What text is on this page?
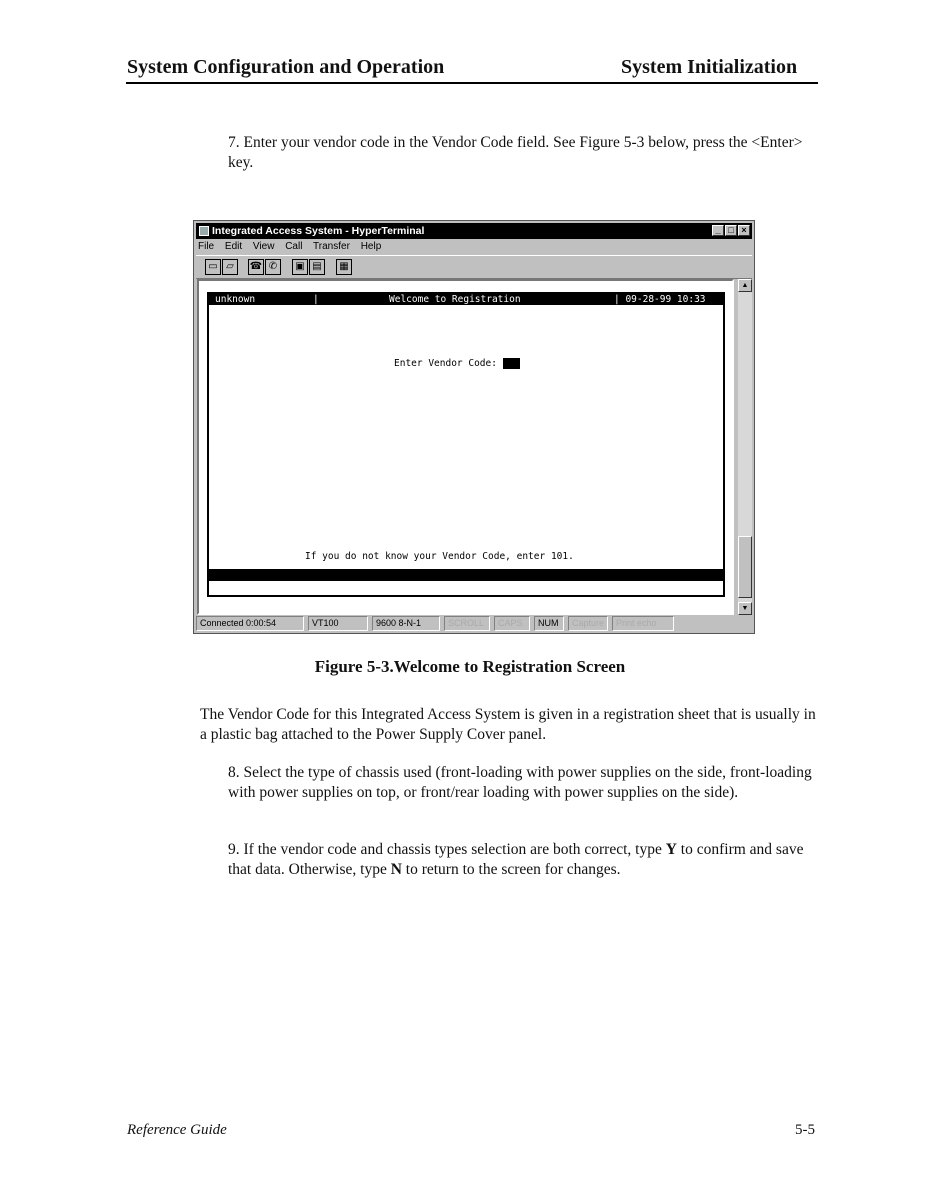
System Configuration and Operation	System Initialization
7. Enter your vendor code in the Vendor Code field. See Figure 5-3 below, press the <Enter> key.
Integrated Access System - HyperTerminal	_ □ ×
File Edit View Call Transfer Help
▭ ▱	☎ ✆	▣ ▤	▦

unknown

	|

	Welcome to Registration

	| 09-28-99 10:33

Enter Vendor Code:
If you do not know your Vendor Code, enter 101.
▲
▼
Connected 0:00:54	VT100	9600 8-N-1	SCROLL	CAPS	NUM	Capture	Print echo
Figure 5-3.Welcome to Registration Screen
The Vendor Code for this Integrated Access System is given in a registration sheet that is usually in a plastic bag attached to the Power Supply Cover panel.
8. Select the type of chassis used (front-loading with power supplies on the side, front-loading with power supplies on top, or front/rear loading with power supplies on the side).
9. If the vendor code and chassis types selection are both correct, type Y to confirm and save that data. Otherwise, type N to return to the screen for changes.
Reference Guide	5-5
